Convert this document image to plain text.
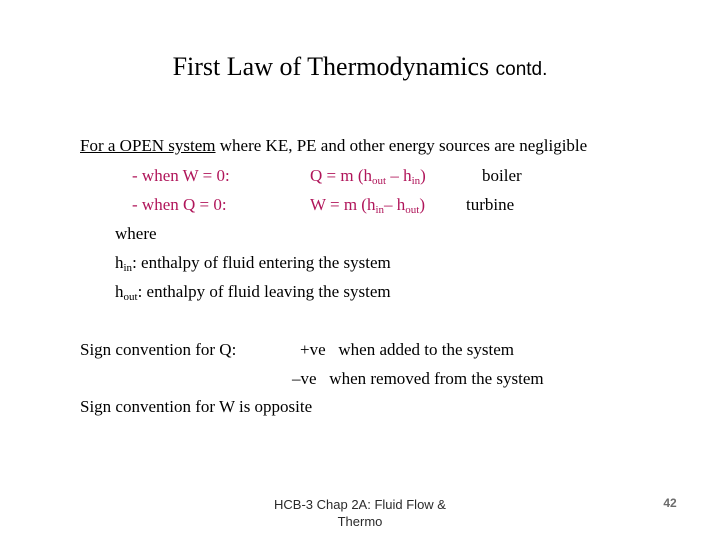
First Law of Thermodynamics contd.
For a OPEN system where KE, PE and other energy sources are negligible
- when W = 0:	Q = m $(h_{out} - h_{in})$	boiler
- when Q = 0:	W = m ($h_{in}-$ $h_{out}$) turbine
where
$h_{in}$: enthalpy of fluid entering the system
$h_{out}$: enthalpy of fluid leaving the system
Sign convention for Q:	+ve   when added to the system
–ve   when removed from the system
Sign convention for W is opposite
HCB-3 Chap 2A: Fluid Flow & Thermo
42
